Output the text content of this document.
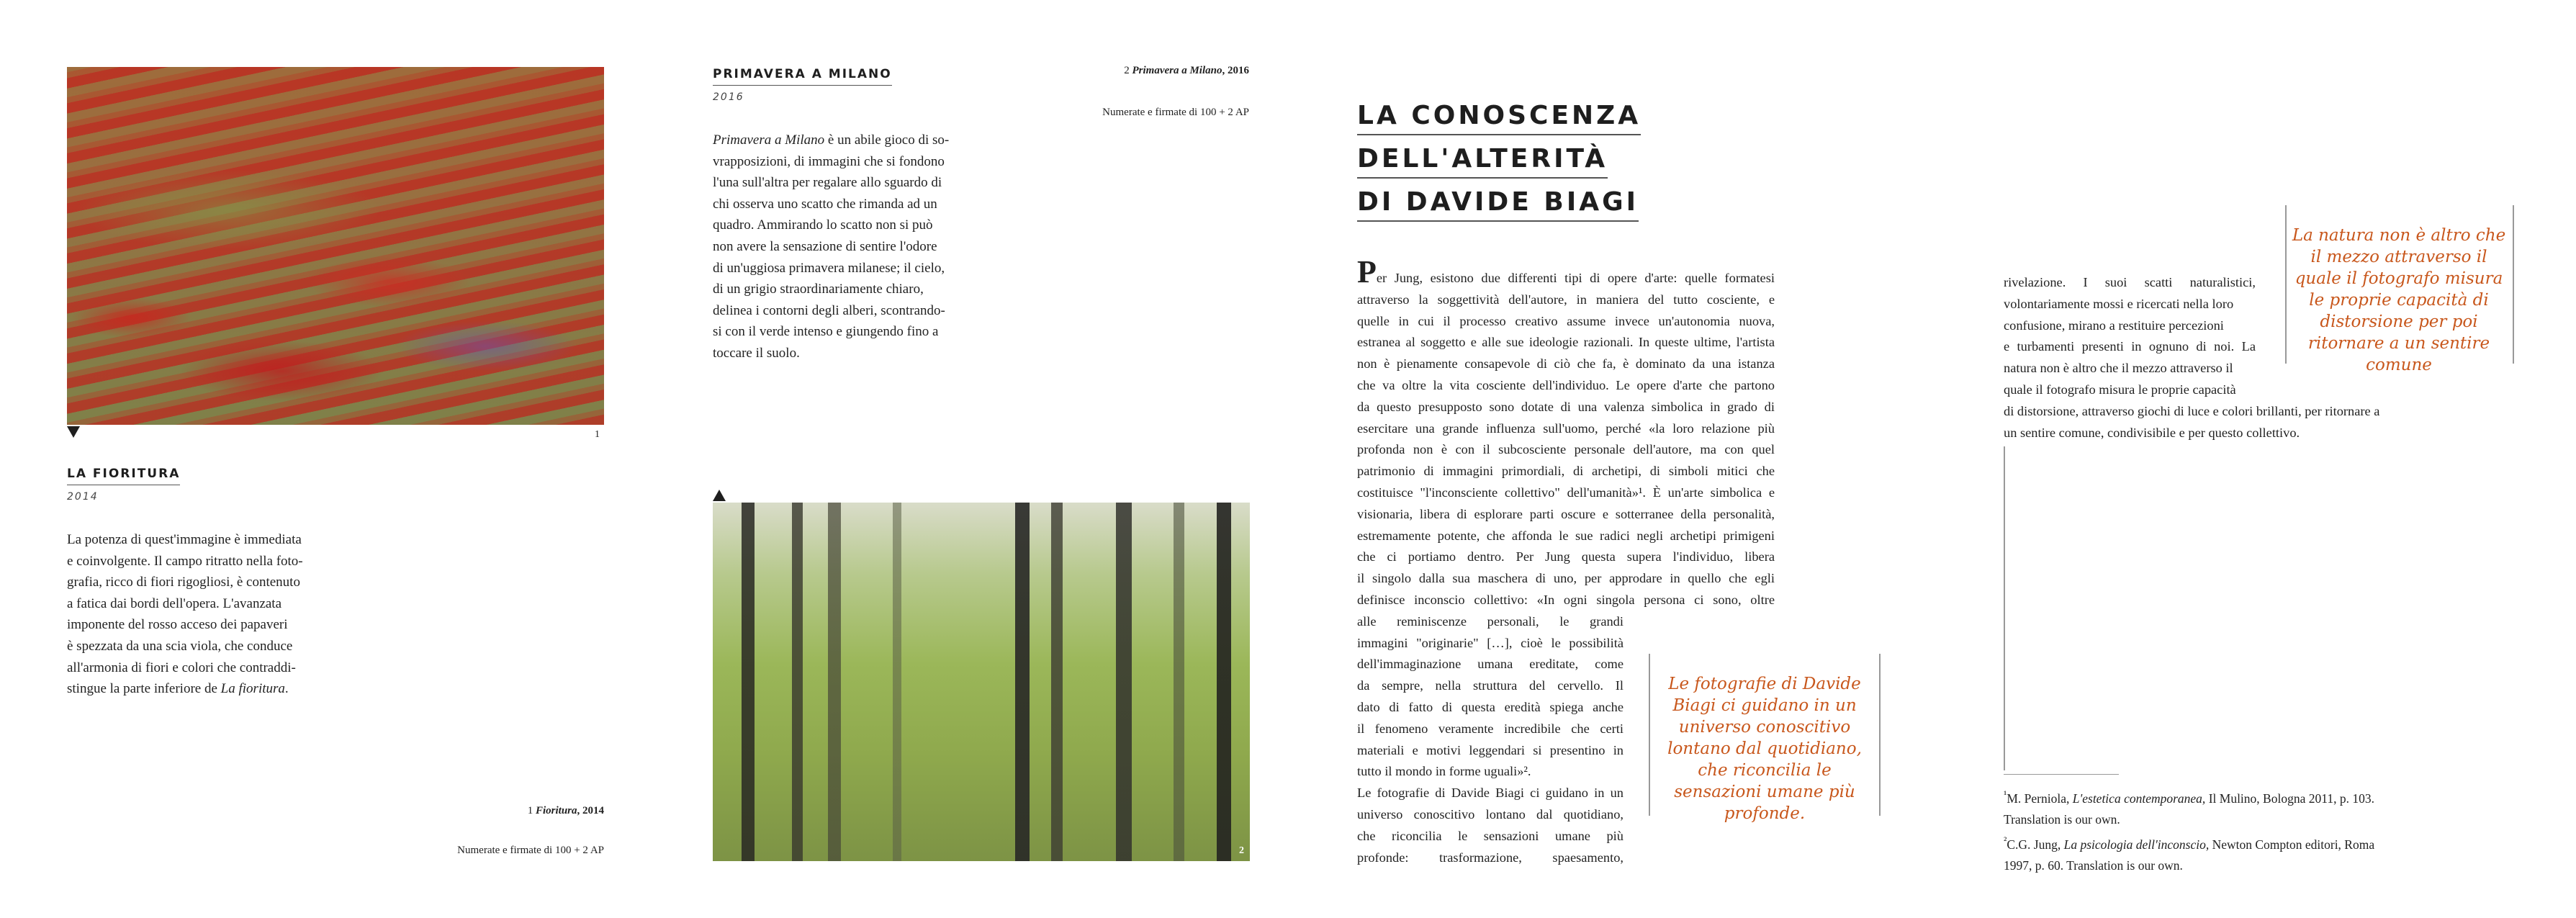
1
LA FIORITURA
2014
La potenza di quest'immagine è immediata
e coinvolgente. Il campo ritratto nella foto-
grafia, ricco di fiori rigogliosi, è contenuto
a fatica dai bordi dell'opera. L'avanzata
imponente del rosso acceso dei papaveri
è spezzata da una scia viola, che conduce
all'armonia di fiori e colori che contraddi-
stingue la parte inferiore de La fioritura.
1 Fioritura, 2014
Numerate e firmate di 100 + 2 AP
PRIMAVERA A MILANO
2016
2 Primavera a Milano, 2016
Numerate e firmate di 100 + 2 AP
Primavera a Milano è un abile gioco di so-
vrapposizioni, di immagini che si fondono
l'una sull'altra per regalare allo sguardo di
chi osserva uno scatto che rimanda ad un
quadro. Ammirando lo scatto non si può
non avere la sensazione di sentire l'odore
di un'uggiosa primavera milanese; il cielo,
di un grigio straordinariamente chiaro,
delinea i contorni degli alberi, scontrando-
si con il verde intenso e giungendo fino a
toccare il suolo.
2
LA CONOSCENZA
DELL'ALTERITÀ
DI DAVIDE BIAGI
Per Jung, esistono due differenti tipi di opere d'arte: quelle formatesi
attraverso la soggettività dell'autore, in maniera del tutto cosciente, e
quelle in cui il processo creativo assume invece un'autonomia nuova,
estranea al soggetto e alle sue ideologie razionali. In queste ultime, l'artista
non è pienamente consapevole di ciò che fa, è dominato da una istanza
che va oltre la vita cosciente dell'individuo. Le opere d'arte che partono
da questo presupposto sono dotate di una valenza simbolica in grado di
esercitare una grande influenza sull'uomo, perché «la loro relazione più
profonda non è con il subcosciente personale dell'autore, ma con quel
patrimonio di immagini primordiali, di archetipi, di simboli mitici che
costituisce "l'inconsciente collettivo" dell'umanità»¹. È un'arte simbolica e
visionaria, libera di esplorare parti oscure e sotterranee della personalità,
estremamente potente, che affonda le sue radici negli archetipi primigeni
che ci portiamo dentro. Per Jung questa supera l'individuo, libera
il singolo dalla sua maschera di uno, per approdare in quello che egli
definisce inconscio collettivo: «In ogni singola persona ci sono, oltre
alle reminiscenze personali, le grandi
immagini "originarie" […], cioè le possibilità
dell'immaginazione umana ereditate, come
da sempre, nella struttura del cervello. Il
dato di fatto di questa eredità spiega anche
il fenomeno veramente incredibile che certi
materiali e motivi leggendari si presentino in
tutto il mondo in forme uguali»².
Le fotografie di Davide Biagi ci guidano in un
universo conoscitivo lontano dal quotidiano,
che riconcilia le sensazioni umane più
profonde: trasformazione, spaesamento,
Le fotografie di Davide Biagi ci guidano in un universo conoscitivo lontano dal quotidiano, che riconcilia le sensazioni umane più profonde.
La natura non è altro che il mezzo attraverso il quale il fotografo misura le proprie capacità di distorsione per poi ritornare a un sentire comune
rivelazione. I suoi scatti naturalistici,
volontariamente mossi e ricercati nella loro
confusione, mirano a restituire percezioni
e turbamenti presenti in ognuno di noi. La
natura non è altro che il mezzo attraverso il
quale il fotografo misura le proprie capacità
di distorsione, attraverso giochi di luce e colori brillanti, per ritornare a
un sentire comune, condivisibile e per questo collettivo.
$^{^1}$M. Perniola, L'estetica contemporanea, Il Mulino, Bologna 2011, p. 103.
Translation is our own.
$^{^2}$C.G. Jung, La psicologia dell'inconscio, Newton Compton editori, Roma
1997, p. 60. Translation is our own.
